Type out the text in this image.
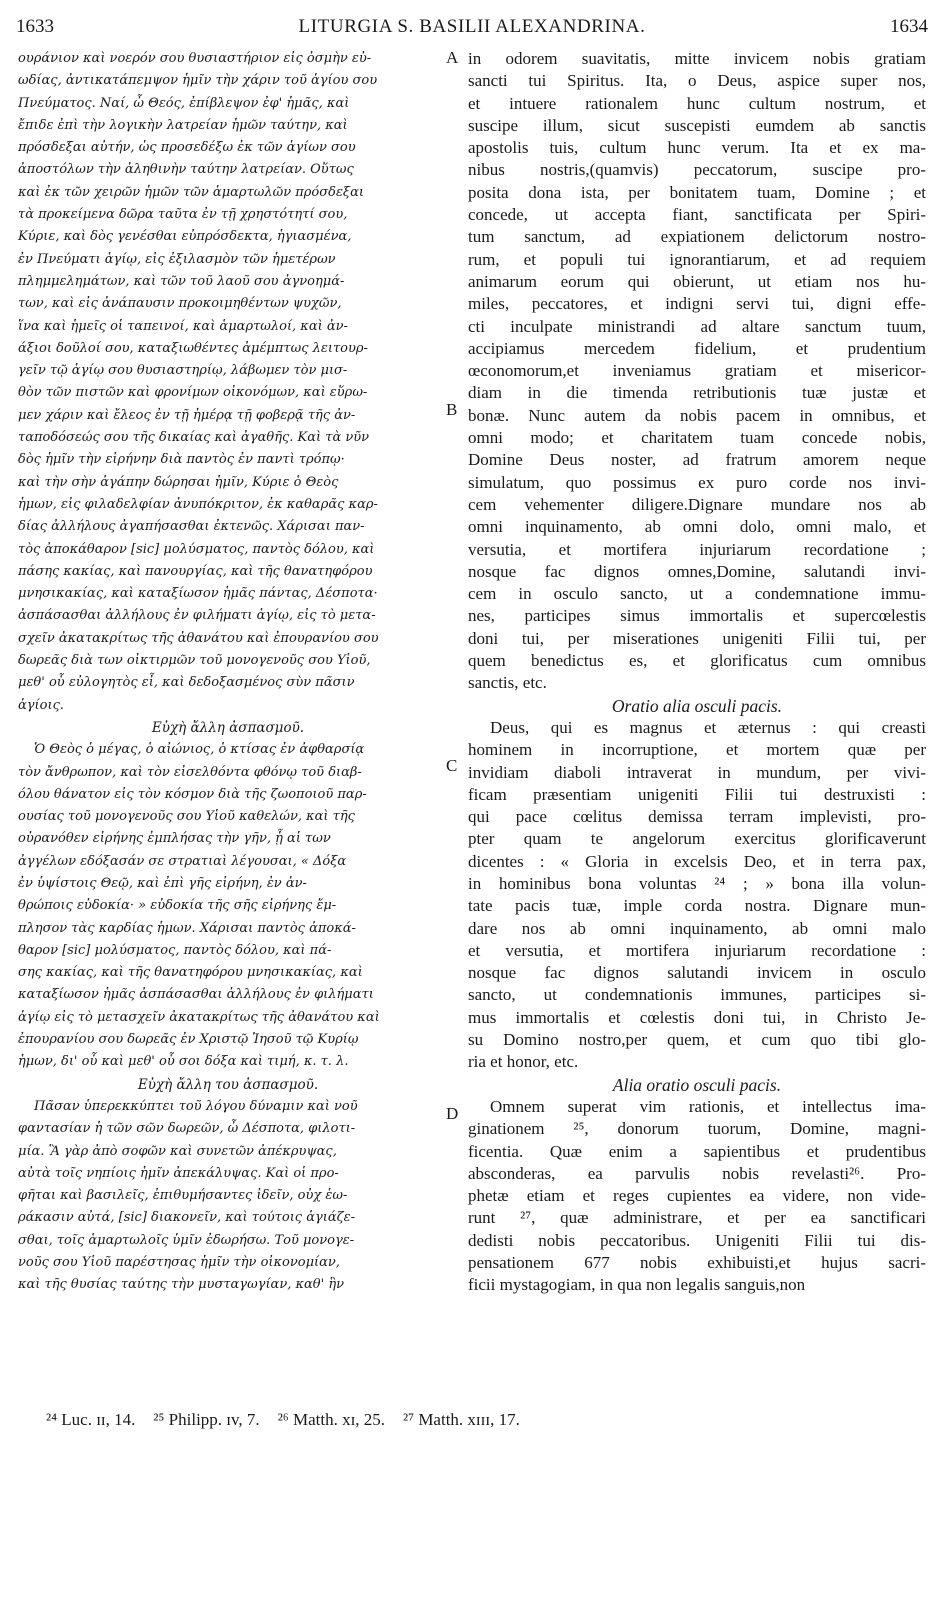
1633	LITURGIA S. BASILII ALEXANDRINA.	1634
ουράνιον καὶ νοερόν σου θυσιαστήριον εἰς ὀσμὴν εὐ-
ωδίας, ἀντικατάπεμψον ἡμῖν τὴν χάριν τοῦ ἁγίου σου
Πνεύματος. Ναί, ὦ Θεός, ἐπίβλεψον ἐφ' ἡμᾶς, καὶ
ἔπιδε ἐπὶ τὴν λογικὴν λατρείαν ἡμῶν ταύτην, καὶ
πρόσδεξαι αὐτήν, ὡς προσεδέξω ἐκ τῶν ἁγίων σου
ἀποστόλων τὴν ἀληθινὴν ταύτην λατρείαν. Οὕτως
καὶ ἐκ τῶν χειρῶν ἡμῶν τῶν ἁμαρτωλῶν πρόσδεξαι
τὰ προκείμενα δῶρα ταῦτα ἐν τῇ χρηστότητί σου,
Κύριε, καὶ δὸς γενέσθαι εὐπρόσδεκτα, ἡγιασμένα,
ἐν Πνεύματι ἁγίῳ, εἰς ἐξιλασμὸν τῶν ἡμετέρων
πλημμελημάτων, καὶ τῶν τοῦ λαοῦ σου ἀγνοημά-
των, καὶ εἰς ἀνάπαυσιν προκοιμηθέντων ψυχῶν,
ἵνα καὶ ἡμεῖς οἱ ταπεινοί, καὶ ἁμαρτωλοί, καὶ ἀν-
άξιοι δοῦλοί σου, καταξιωθέντες ἀμέμπτως λειτουρ-
γεῖν τῷ ἁγίῳ σου θυσιαστηρίῳ, λάβωμεν τὸν μισ-
θὸν τῶν πιστῶν καὶ φρονίμων οἰκονόμων, καὶ εὕρω-
μεν χάριν καὶ ἔλεος ἐν τῇ ἡμέρᾳ τῇ φοβερᾷ τῆς ἀν-
ταποδόσεώς σου τῆς δικαίας καὶ ἀγαθῆς. Καὶ τὰ νῦν
δὸς ἡμῖν τὴν εἰρήνην διὰ παντὸς ἐν παντὶ τρόπῳ·
καὶ τὴν σὴν ἀγάπην δώρησαι ἡμῖν, Κύριε ὁ Θεὸς
ἡμων, εἰς φιλαδελφίαν ἀνυπόκριτον, ἐκ καθαρᾶς καρ-
δίας ἀλλήλους ἀγαπήσασθαι ἐκτενῶς. Χάρισαι παν-
τὸς ἀποκάθαρον [sic] μολύσματος, παντὸς δόλου, καὶ
πάσης κακίας, καὶ πανουργίας, καὶ τῆς θανατηφόρου
μνησικακίας, καὶ καταξίωσον ἡμᾶς πάντας, Δέσποτα·
ἀσπάσασθαι ἀλλήλους ἐν φιλήματι ἁγίῳ, εἰς τὸ μετα-
σχεῖν ἀκατακρίτως τῆς ἀθανάτου καὶ ἐπουρανίου σου
δωρεᾶς διὰ των οἰκτιρμῶν τοῦ μονογενοῦς σου Υἱοῦ,
μεθ' οὗ εὐλογητὸς εἶ, καὶ δεδοξασμένος σὺν πᾶσιν
ἁγίοις.
Εὐχὴ ἄλλη ἀσπασμοῦ.
Ὁ Θεὸς ὁ μέγας, ὁ αἰώνιος, ὁ κτίσας ἐν ἀφθαρσίᾳ
τὸν ἄνθρωπον, καὶ τὸν εἰσελθόντα φθόνῳ τοῦ διαβ-
όλου θάνατον εἰς τὸν κόσμον διὰ τῆς ζωοποιοῦ παρ-
ουσίας τοῦ μονογενοῦς σου Υἱοῦ καθελών, καὶ τῆς
οὐρανόθεν εἰρήνης ἐμπλήσας τὴν γῆν, ᾗ αἱ των
ἀγγέλων εδόξασάν σε στρατιαὶ λέγουσαι, « Δόξα
ἐν ὑψίστοις Θεῷ, καὶ ἐπὶ γῆς εἰρήνη, ἐν ἀν-
θρώποις εὐδοκία· » εὐδοκία τῆς σῆς εἰρήνης ἔμ-
πλησον τὰς καρδίας ἡμων. Χάρισαι παντὸς ἀποκά-
θαρον [sic] μολύσματος, παντὸς δόλου, καὶ πά-
σης κακίας, καὶ τῆς θανατηφόρου μνησικακίας, καὶ
καταξίωσον ἡμᾶς ἀσπάσασθαι ἀλλήλους ἐν φιλήματι
ἁγίῳ εἰς τὸ μετασχεῖν ἀκατακρίτως τῆς ἀθανάτου καὶ
ἐπουρανίου σου δωρεᾶς ἐν Χριστῷ Ἰησοῦ τῷ Κυρίῳ
ἡμων, δι' οὗ καὶ μεθ' οὗ σοι δόξα καὶ τιμή, κ. τ. λ.
Εὐχὴ ἄλλη του ἀσπασμοῦ.
Πᾶσαν ὑπερεκκύπτει τοῦ λόγου δύναμιν καὶ νοῦ
φαντασίαν ἡ τῶν σῶν δωρεῶν, ὦ Δέσποτα, φιλοτι-
μία. Ἃ γὰρ ἀπὸ σοφῶν καὶ συνετῶν ἀπέκρυψας,
αὐτὰ τοῖς νηπίοις ἡμῖν ἀπεκάλυψας. Καὶ οἱ προ-
φῆται καὶ βασιλεῖς, ἐπιθυμήσαντες ἰδεῖν, οὐχ ἑω-
ράκασιν αὐτά, [sic] διακονεῖν, καὶ τούτοις ἁγιάζε-
σθαι, τοῖς ἁμαρτωλοῖς ὑμῖν ἐδωρήσω. Τοῦ μονογε-
νοῦς σου Υἱοῦ παρέστησας ἡμῖν τὴν οἰκονομίαν,
καὶ τῆς θυσίας ταύτης τὴν μυσταγωγίαν, καθ' ἣν
in odorem suavitatis, mitte invicem nobis gratiam
sancti tui Spiritus. Ita, o Deus, aspice super nos,
et intuere rationalem hunc cultum nostrum, et
suscipe illum, sicut suscepisti eumdem ab sanctis
apostolis tuis, cultum hunc verum. Ita et ex ma-
nibus nostris,(quamvis) peccatorum, suscipe pro-
posita dona ista, per bonitatem tuam, Domine ; et
concede, ut accepta fiant, sanctificata per Spiri-
tum sanctum, ad expiationem delictorum nostro-
rum, et populi tui ignorantiarum, et ad requiem
animarum eorum qui obierunt, ut etiam nos hu-
miles, peccatores, et indigni servi tui, digni effe-
cti inculpate ministrandi ad altare sanctum tuum,
accipiamus mercedem fidelium, et prudentium
œconomorum,et inveniamus gratiam et misericor-
diam in die timenda retributionis tuæ justæ et
bonæ. Nunc autem da nobis pacem in omnibus, et
omni modo; et charitatem tuam concede nobis,
Domine Deus noster, ad fratrum amorem neque
simulatum, quo possimus ex puro corde nos invi-
cem vehementer diligere.Dignare mundare nos ab
omni inquinamento, ab omni dolo, omni malo, et
versutia, et mortifera injuriarum recordatione ;
nosque fac dignos omnes,Domine, salutandi invi-
cem in osculo sancto, ut a condemnatione immu-
nes, participes simus immortalis et supercœlestis
doni tui, per miserationes unigeniti Filii tui, per
quem benedictus es, et glorificatus cum omnibus
sanctis, etc.
Oratio alia osculi pacis.
Deus, qui es magnus et æternus : qui creasti
hominem in incorruptione, et mortem quæ per
invidiam diaboli intraverat in mundum, per vivi-
ficam præsentiam unigeniti Filii tui destruxisti :
qui pace cœlitus demissa terram implevisti, pro-
pter quam te angelorum exercitus glorificaverunt
dicentes : « Gloria in excelsis Deo, et in terra pax,
in hominibus bona voluntas ²⁴ ; » bona illa volun-
tate pacis tuæ, imple corda nostra. Dignare mun-
dare nos ab omni inquinamento, ab omni malo
et versutia, et mortifera injuriarum recordatione :
nosque fac dignos salutandi invicem in osculo
sancto, ut condemnationis immunes, participes si-
mus immortalis et cœlestis doni tui, in Christo Je-
su Domino nostro,per quem, et cum quo tibi glo-
ria et honor, etc.
Alia oratio osculi pacis.
Omnem superat vim rationis, et intellectus ima-
ginationem ²⁵, donorum tuorum, Domine, magni-
ficentia. Quæ enim a sapientibus et prudentibus
absconderas, ea parvulis nobis revelasti²⁶. Pro-
phetæ etiam et reges cupientes ea videre, non vide-
runt ²⁷, quæ administrare, et per ea sanctificari
dedisti nobis peccatoribus. Unigeniti Filii tui dis-
pensationem 677 nobis exhibuisti,et hujus sacri-
ficii mystagogiam, in qua non legalis sanguis,non
A
B
C
D
²⁴ Luc. ɪɪ, 14. ²⁵ Philipp. ɪv, 7. ²⁶ Matth. xɪ, 25. ²⁷ Matth. xɪɪɪ, 17.
